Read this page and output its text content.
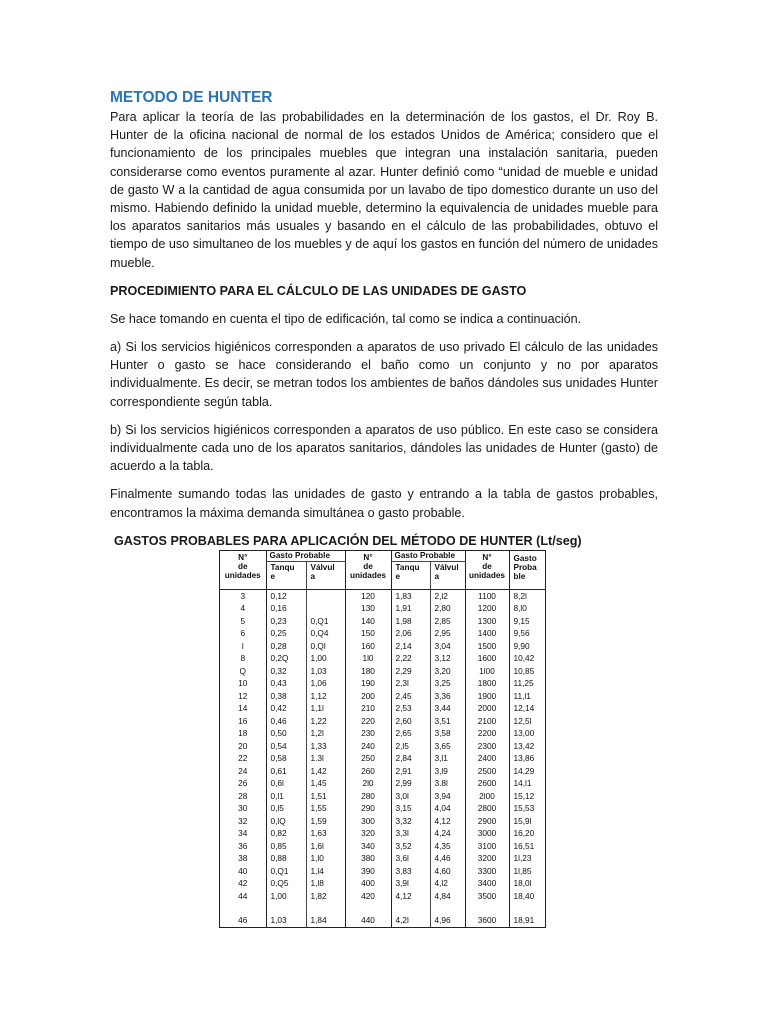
METODO DE HUNTER

Para aplicar la teoría de las probabilidades en la determinación de los gastos, el Dr. Roy B. Hunter de la oficina nacional de normal de los estados Unidos de América; considero que el funcionamiento de los principales muebles que integran una instalación sanitaria, pueden considerarse como eventos puramente al azar. Hunter definió como “unidad de mueble e unidad de gasto W a la cantidad de agua consumida por un lavabo de tipo domestico durante un uso del mismo. Habiendo definido la unidad mueble, determino la equivalencia de unidades mueble para los aparatos sanitarios más usuales y basando en el cálculo de las probabilidades, obtuvo el tiempo de uso simultaneo de los muebles y de aquí los gastos en función del número de unidades mueble.

PROCEDIMIENTO PARA EL CÁLCULO DE LAS UNIDADES DE GASTO

Se hace tomando en cuenta el tipo de edificación, tal como se indica a continuación.

a) Si los servicios higiénicos corresponden a aparatos de uso privado El cálculo de las unidades Hunter o gasto se hace considerando el baño como un conjunto y no por aparatos individualmente. Es decir, se metran todos los ambientes de baños dándoles sus unidades Hunter correspondiente según tabla.

b) Si los servicios higiénicos corresponden a aparatos de uso público. En este caso se considera individualmente cada uno de los aparatos sanitarios, dándoles las unidades de Hunter (gasto) de acuerdo a la tabla.

Finalmente sumando todas las unidades de gasto y entrando a la tabla de gastos probables, encontramos la máxima demanda simultánea o gasto probable.

GASTOS PROBABLES PARA APLICACIÓN DEL MÉTODO DE HUNTER (Lt/seg)
N°
de
unidades	Gasto Probable		N°
de
unidades	Gasto Probable		N°
de
unidades	Gasto
Proba
ble
	Tanqu
e	Válvul
a		Tanqu
e	Válvul
a		
3	0,12		120	1,83	2,l2	1100	8,2l
4	0,16		130	1,91	2,80	1200	8,l0
5	0,23	0,Q1	140	1,98	2,85	1300	9,15
6	0,25	0,Q4	150	2,06	2,95	1400	9,56
l	0,28	0,Ql	160	2,14	3,04	1500	9,90
8	0,2Q	1,00	1l0	2,22	3,12	1600	10,42
Q	0,32	1,03	180	2,29	3,20	1l00	10,85
10	0,43	1,06	190	2,3l	3,25	1800	11,25
12	0,38	1,12	200	2,45	3,36	1900	11,l1
14	0,42	1,1l	210	2,53	3,44	2000	12,14
16	0,46	1,22	220	2,60	3,51	2100	12,5l
18	0,50	1,2l	230	2,65	3,58	2200	13,00
20	0,54	1,33	240	2,l5	3,65	2300	13,42
22	0,58	1.3l	250	2,84	3,l1	2400	13,86
24	0,61	1,42	260	2,91	3,l9	2500	14,29
26	0,6l	1,45	2l0	2,99	3.8l	2600	14,l1
28	0,l1	1,51	280	3,0l	3,94	2l00	15,12
30	0,l5	1,55	290	3,15	4,04	2800	15,53
32	0,lQ	1,59	300	3,32	4,12	2900	15,9l
34	0,82	1,63	320	3,3l	4,24	3000	16,20
36	0,85	1,6l	340	3,52	4,35	3100	16,51
38	0,88	1,l0	380	3,6l	4,46	3200	1l,23
40	0,Q1	1,l4	390	3,83	4,60	3300	1l,85
42	0,Q5	1,l8	400	3,9l	4,l2	3400	18,0l
44	1,00	1,82	420	4,12	4,84	3500	18,40

46	1,03	1,84	440	4,2l	4,96	3600	18,91
